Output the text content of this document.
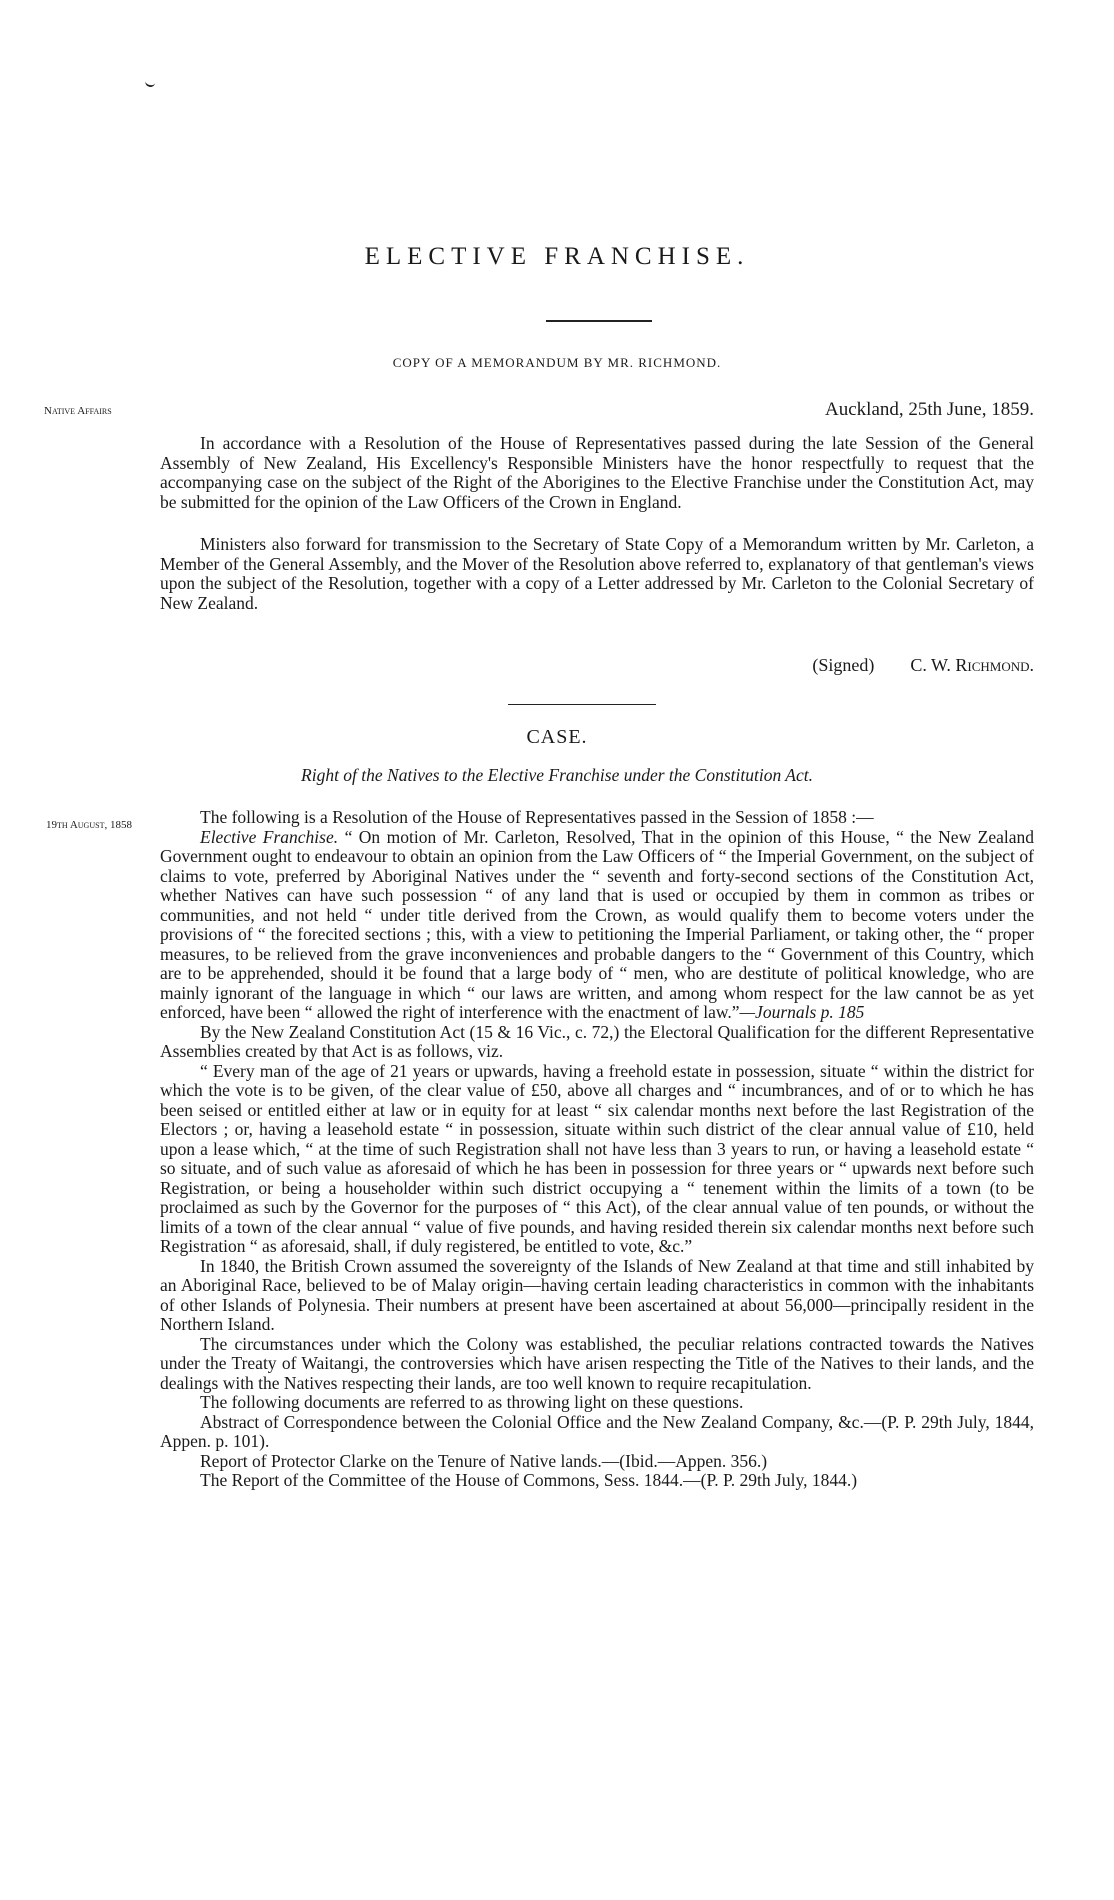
ELECTIVE FRANCHISE.
COPY OF A MEMORANDUM BY MR. RICHMOND.
Native Affairs	Auckland, 25th June, 1859.

In accordance with a Resolution of the House of Representatives passed during the late Session of the General Assembly of New Zealand, His Excellency's Responsible Ministers have the honor respectfully to request that the accompanying case on the subject of the Right of the Aborigines to the Elective Franchise under the Constitution Act, may be submitted for the opinion of the Law Officers of the Crown in England.

Ministers also forward for transmission to the Secretary of State Copy of a Memorandum written by Mr. Carleton, a Member of the General Assembly, and the Mover of the Resolution above referred to, explanatory of that gentleman's views upon the subject of the Resolution, together with a copy of a Letter addressed by Mr. Carleton to the Colonial Secretary of New Zealand.

(Signed) C. W. Richmond.
CASE.
Right of the Natives to the Elective Franchise under the Constitution Act.
19th August, 1858	The following is a Resolution of the House of Representatives passed in the Session of 1858 :—

Elective Franchise. “ On motion of Mr. Carleton, Resolved, That in the opinion of this House, “ the New Zealand Government ought to endeavour to obtain an opinion from the Law Officers of “ the Imperial Government, on the subject of claims to vote, preferred by Aboriginal Natives under the “ seventh and forty-second sections of the Constitution Act, whether Natives can have such possession “ of any land that is used or occupied by them in common as tribes or communities, and not held “ under title derived from the Crown, as would qualify them to become voters under the provisions of “ the forecited sections ; this, with a view to petitioning the Imperial Parliament, or taking other, the “ proper measures, to be relieved from the grave inconveniences and probable dangers to the “ Government of this Country, which are to be apprehended, should it be found that a large body of “ men, who are destitute of political knowledge, who are mainly ignorant of the language in which “ our laws are written, and among whom respect for the law cannot be as yet enforced, have been “ allowed the right of interference with the enactment of law.”—Journals p. 185

By the New Zealand Constitution Act (15 & 16 Vic., c. 72,) the Electoral Qualification for the different Representative Assemblies created by that Act is as follows, viz.

“ Every man of the age of 21 years or upwards, having a freehold estate in possession, situate “ within the district for which the vote is to be given, of the clear value of £50, above all charges and “ incumbrances, and of or to which he has been seised or entitled either at law or in equity for at least “ six calendar months next before the last Registration of the Electors ; or, having a leasehold estate “ in possession, situate within such district of the clear annual value of £10, held upon a lease which, “ at the time of such Registration shall not have less than 3 years to run, or having a leasehold estate “ so situate, and of such value as aforesaid of which he has been in possession for three years or “ upwards next before such Registration, or being a householder within such district occupying a “ tenement within the limits of a town (to be proclaimed as such by the Governor for the purposes of “ this Act), of the clear annual value of ten pounds, or without the limits of a town of the clear annual “ value of five pounds, and having resided therein six calendar months next before such Registration “ as aforesaid, shall, if duly registered, be entitled to vote, &c.”

In 1840, the British Crown assumed the sovereignty of the Islands of New Zealand at that time and still inhabited by an Aboriginal Race, believed to be of Malay origin—having certain leading characteristics in common with the inhabitants of other Islands of Polynesia. Their numbers at present have been ascertained at about 56,000—principally resident in the Northern Island.

The circumstances under which the Colony was established, the peculiar relations contracted towards the Natives under the Treaty of Waitangi, the controversies which have arisen respecting the Title of the Natives to their lands, and the dealings with the Natives respecting their lands, are too well known to require recapitulation.

The following documents are referred to as throwing light on these questions.

Abstract of Correspondence between the Colonial Office and the New Zealand Company, &c.—(P. P. 29th July, 1844, Appen. p. 101).

Report of Protector Clarke on the Tenure of Native lands.—(Ibid.—Appen. 356.)

The Report of the Committee of the House of Commons, Sess. 1844.—(P. P. 29th July, 1844.)
